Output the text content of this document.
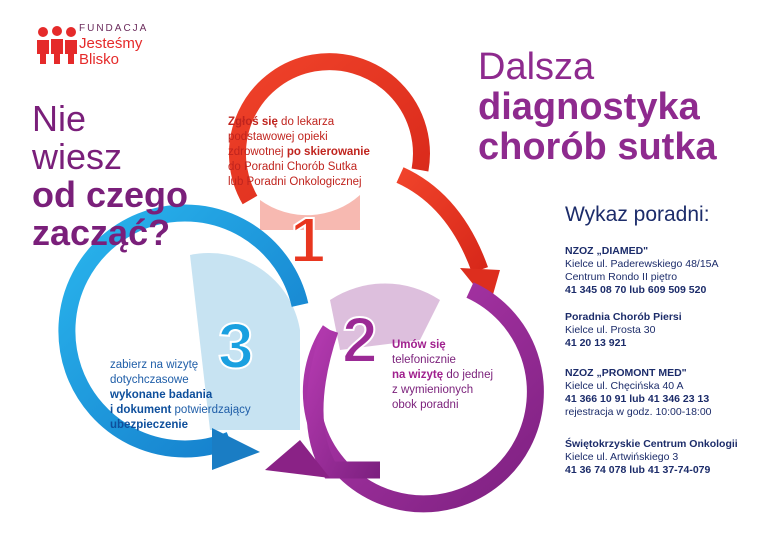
1
2
3
FUNDACJA
Jesteśmy
Blisko
Nie
wiesz
od czego
zacząć?
Dalsza
diagnostyka
chorób sutka
Zgłoś się do lekarza
podstawowej opieki
zdrowotnej po skierowanie
do Poradni Chorób Sutka
lub Poradni Onkologicznej
Umów się
telefonicznie
na wizytę do jednej
z wymienionych
obok poradni
zabierz na wizytę
dotychczasowe
wykonane badania
i dokument potwierdzający
ubezpieczenie
Wykaz poradni:
NZOZ „DIAMED"
Kielce ul. Paderewskiego 48/15A
Centrum Rondo II piętro
41 345 08 70 lub 609 509 520
Poradnia Chorób Piersi
Kielce ul. Prosta 30
41 20 13 921
NZOZ „PROMONT MED"
Kielce ul. Chęcińska 40 A
41 366 10 91 lub 41 346 23 13
rejestracja w godz. 10:00-18:00
Świętokrzyskie Centrum Onkologii
Kielce ul. Artwińskiego 3
41 36 74 078 lub 41 37-74-079
